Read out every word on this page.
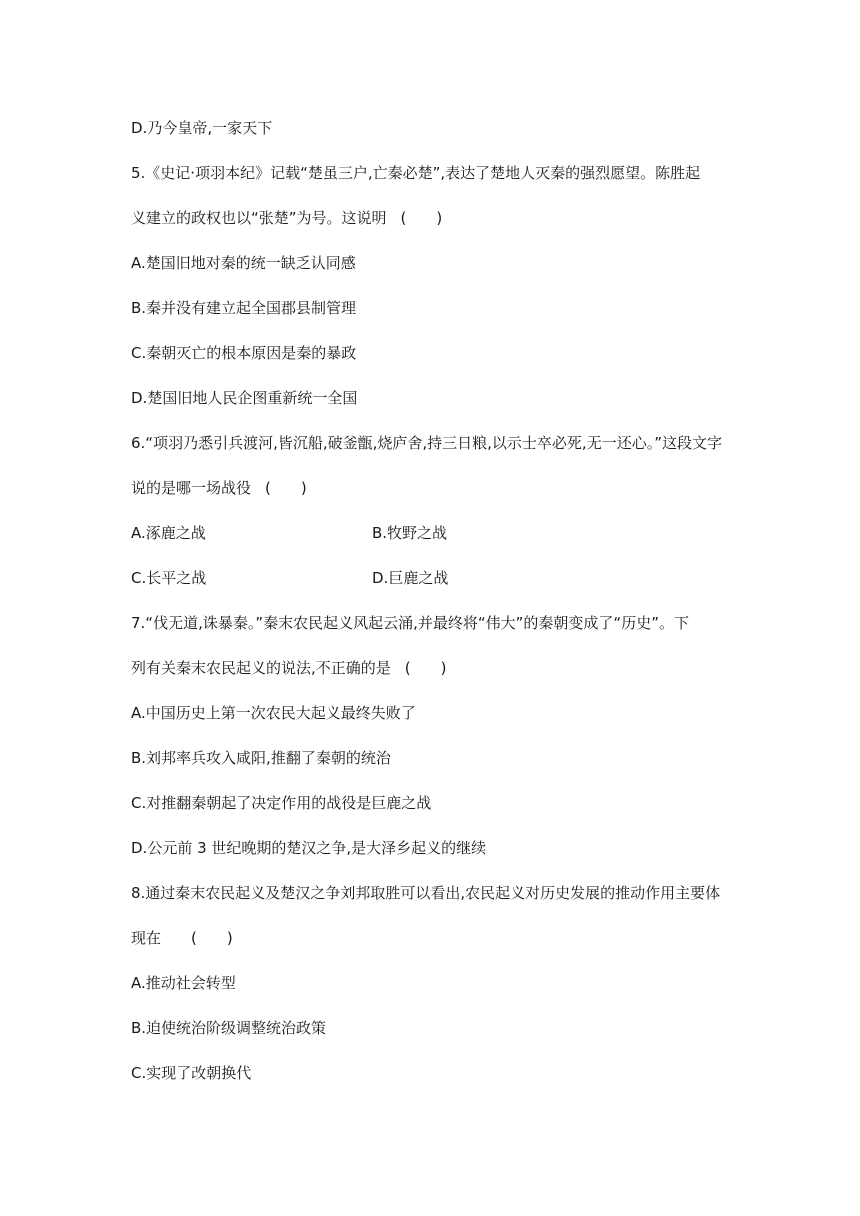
D.乃今皇帝,一家天下
5.《史记·项羽本纪》记载“楚虽三户,亡秦必楚”,表达了楚地人灭秦的强烈愿望。陈胜起
义建立的政权也以“张楚”为号。这说明 (　　)
A.楚国旧地对秦的统一缺乏认同感
B.秦并没有建立起全国郡县制管理
C.秦朝灭亡的根本原因是秦的暴政
D.楚国旧地人民企图重新统一全国
6.“项羽乃悉引兵渡河,皆沉船,破釜甑,烧庐舍,持三日粮,以示士卒必死,无一还心。”这段文字
说的是哪一场战役 (　　)
A.涿鹿之战	B.牧野之战
C.长平之战	D.巨鹿之战
7.“伐无道,诛暴秦。”秦末农民起义风起云涌,并最终将“伟大”的秦朝变成了“历史”。下
列有关秦末农民起义的说法,不正确的是 (　　)
A.中国历史上第一次农民大起义最终失败了
B.刘邦率兵攻入咸阳,推翻了秦朝的统治
C.对推翻秦朝起了决定作用的战役是巨鹿之战
D.公元前 3 世纪晚期的楚汉之争,是大泽乡起义的继续
8.通过秦末农民起义及楚汉之争刘邦取胜可以看出,农民起义对历史发展的推动作用主要体
现在 (　　)
A.推动社会转型
B.迫使统治阶级调整统治政策
C.实现了改朝换代
